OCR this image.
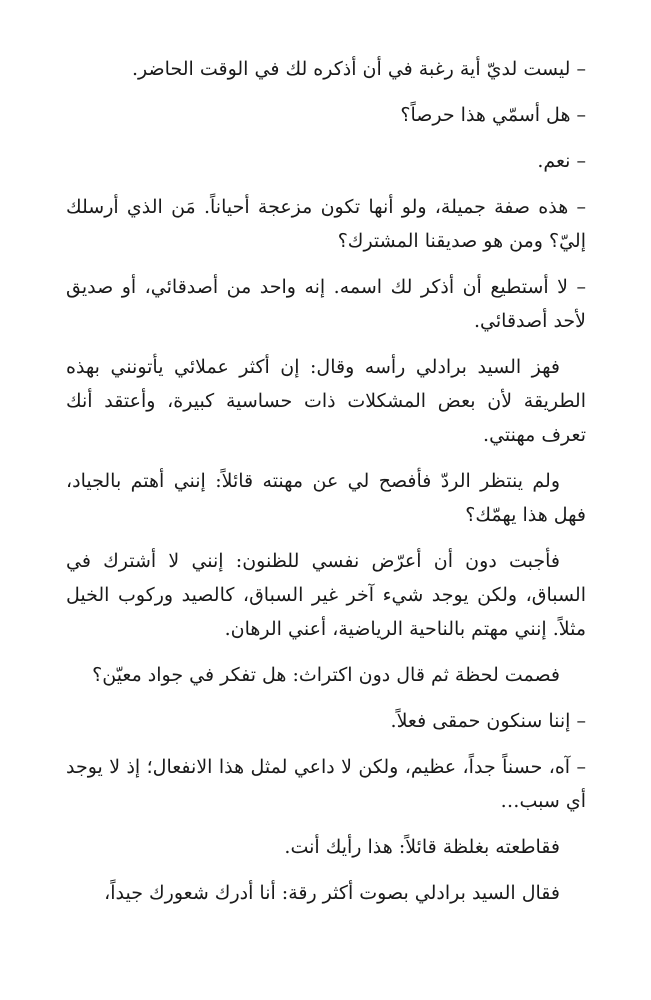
– ليست لديّ أية رغبة في أن أذكره لك في الوقت الحاضر.

– هل أسمّي هذا حرصاً؟

– نعم.

– هذه صفة جميلة، ولو أنها تكون مزعجة أحياناً. مَن الذي أرسلك إليّ؟ ومن هو صديقنا المشترك؟

– لا أستطيع أن أذكر لك اسمه. إنه واحد من أصدقائي، أو صديق لأحد أصدقائي.

فهز السيد برادلي رأسه وقال: إن أكثر عملائي يأتونني بهذه الطريقة لأن بعض المشكلات ذات حساسية كبيرة، وأعتقد أنك تعرف مهنتي.

ولم ينتظر الردّ فأفصح لي عن مهنته قائلاً: إنني أهتم بالجياد، فهل هذا يهمّك؟

فأجبت دون أن أعرّض نفسي للظنون: إنني لا أشترك في السباق، ولكن يوجد شيء آخر غير السباق، كالصيد وركوب الخيل مثلاً. إنني مهتم بالناحية الرياضية، أعني الرهان.

فصمت لحظة ثم قال دون اكتراث: هل تفكر في جواد معيّن؟

– إننا سنكون حمقى فعلاً.

– آه، حسناً جداً، عظيم، ولكن لا داعي لمثل هذا الانفعال؛ إذ لا يوجد أي سبب…

فقاطعته بغلظة قائلاً: هذا رأيك أنت.

فقال السيد برادلي بصوت أكثر رقة: أنا أدرك شعورك جيداً،
